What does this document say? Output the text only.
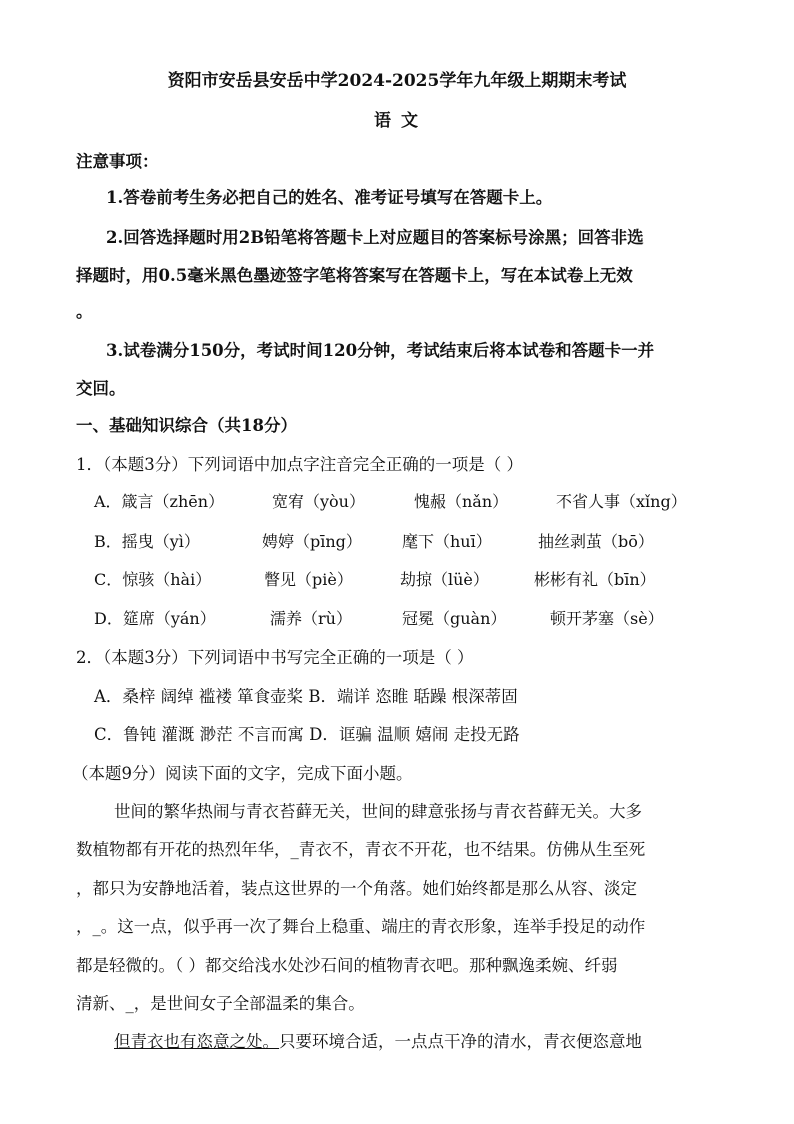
资阳市安岳县安岳中学2024-2025学年九年级上期期末考试
语 文
注意事项：
1.答卷前考生务必把自己的姓名、准考证号填写在答题卡上。
2.回答选择题时用2B铅笔将答题卡上对应题目的答案标号涂黑；回答非选
择题时，用0.5毫米黑色墨迹签字笔将答案写在答题卡上，写在本试卷上无效
。
3.试卷满分150分，考试时间120分钟，考试结束后将本试卷和答题卡一并
交回。
一、基础知识综合（共18分）
1．（本题3分）下列词语中加点字注音完全正确的一项是（ ）
A．箴言（zhēn）	宽宥（yòu）	愧赧（nǎn）	不省人事（xǐng）
B．摇曳（yì）	娉婷（pīng）	麾下（huī）	抽丝剥茧（bō）
C．惊骇（hài）	瞥见（piè）	劫掠（lüè）	彬彬有礼（bīn）
D．筵席（yán）	濡养（rù）	冠冕（guàn）	顿开茅塞（sè）
2．（本题3分）下列词语中书写完全正确的一项是（ ）
A．桑梓 阔绰 褴褛 箪食壶桨 B．端详 恣睢 聒躁 根深蒂固
C．鲁钝 灌溉 渺茫 不言而寓 D．诓骗 温顺 嬉闹 走投无路
（本题9分）阅读下面的文字，完成下面小题。
世间的繁华热闹与青衣苔藓无关，世间的肆意张扬与青衣苔藓无关。大多
数植物都有开花的热烈年华，_青衣不，青衣不开花，也不结果。仿佛从生至死
，都只为安静地活着，装点这世界的一个角落。她们始终都是那么从容、淡定
，_。这一点，似乎再一次了舞台上稳重、端庄的青衣形象，连举手投足的动作
都是轻微的。（ ）都交给浅水处沙石间的植物青衣吧。那种飘逸柔婉、纤弱
清新、_，是世间女子全部温柔的集合。
但青衣也有恣意之处。只要环境合适，一点点干净的清水，青衣便恣意地
